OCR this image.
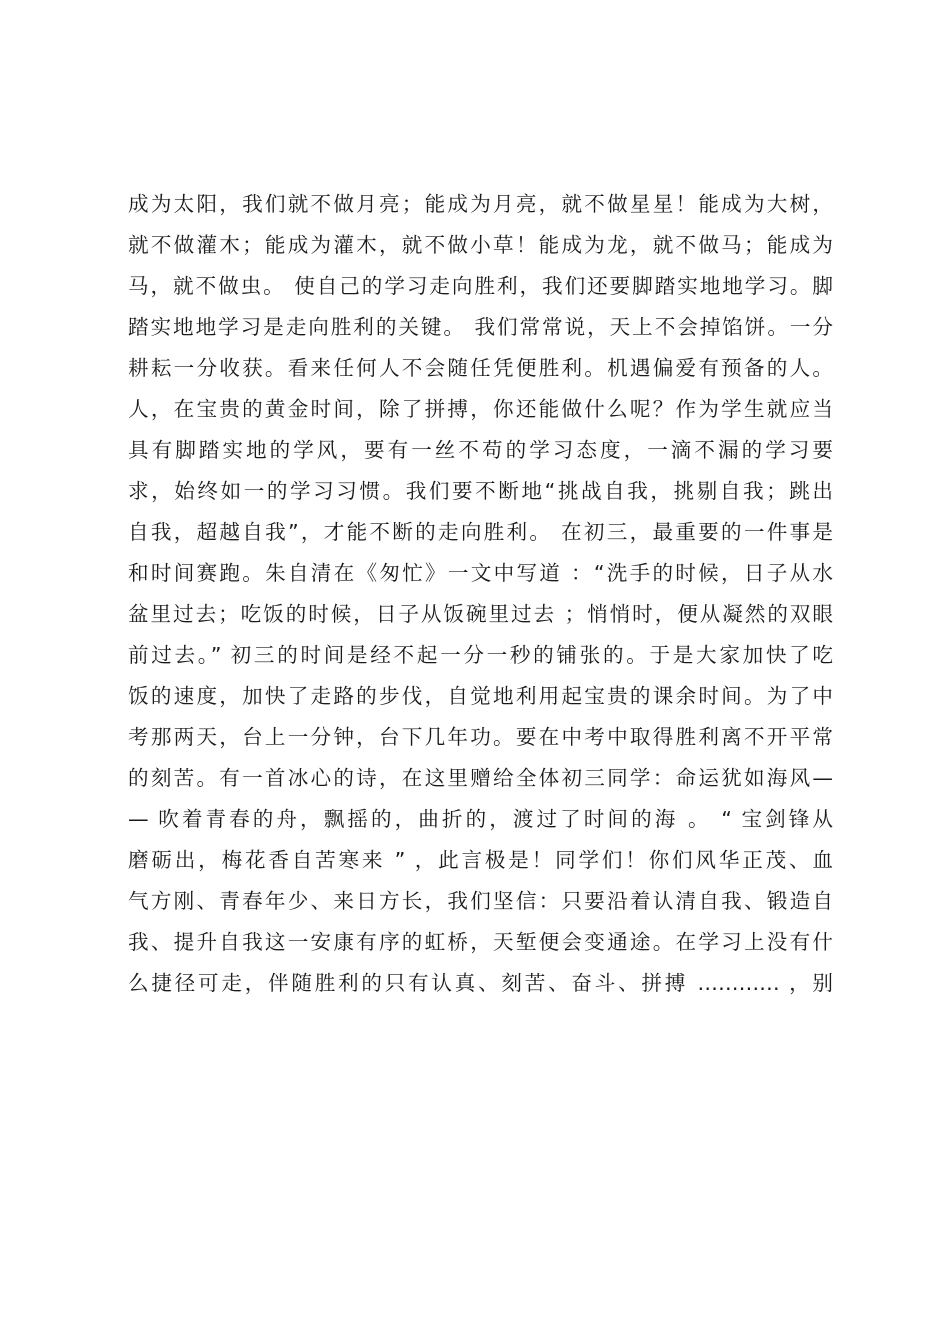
成为太阳，我们就不做月亮；能成为月亮，就不做星星！能成为大树，
就不做灌木；能成为灌木，就不做小草！能成为龙，就不做马；能成为
马，就不做虫。 使自己的学习走向胜利，我们还要脚踏实地地学习。脚
踏实地地学习是走向胜利的关键。 我们常常说，天上不会掉馅饼。一分
耕耘一分收获。看来任何人不会随任凭便胜利。机遇偏爱有预备的人。
人，在宝贵的黄金时间，除了拼搏，你还能做什么呢？作为学生就应当
具有脚踏实地的学风，要有一丝不苟的学习态度，一滴不漏的学习要
求，始终如一的学习习惯。我们要不断地“挑战自我，挑剔自我；跳出
自我，超越自我”，才能不断的走向胜利。 在初三，最重要的一件事是
和时间赛跑。朱自清在《匆忙》一文中写道 ：“洗手的时候，日子从水
盆里过去；吃饭的时候，日子从饭碗里过去 ；悄悄时，便从凝然的双眼
前过去。” 初三的时间是经不起一分一秒的铺张的。于是大家加快了吃
饭的速度，加快了走路的步伐，自觉地利用起宝贵的课余时间。为了中
考那两天，台上一分钟，台下几年功。要在中考中取得胜利离不开平常
的刻苦。有一首冰心的诗，在这里赠给全体初三同学：命运犹如海风—
— 吹着青春的舟，飘摇的，曲折的，渡过了时间的海 。 “ 宝剑锋从
磨砺出，梅花香自苦寒来 ” ，此言极是！同学们！你们风华正茂、血
气方刚、青春年少、来日方长，我们坚信：只要沿着认清自我、锻造自
我、提升自我这一安康有序的虹桥，天堑便会变通途。在学习上没有什
么捷径可走，伴随胜利的只有认真、刻苦、奋斗、拼搏 ………… ，别
